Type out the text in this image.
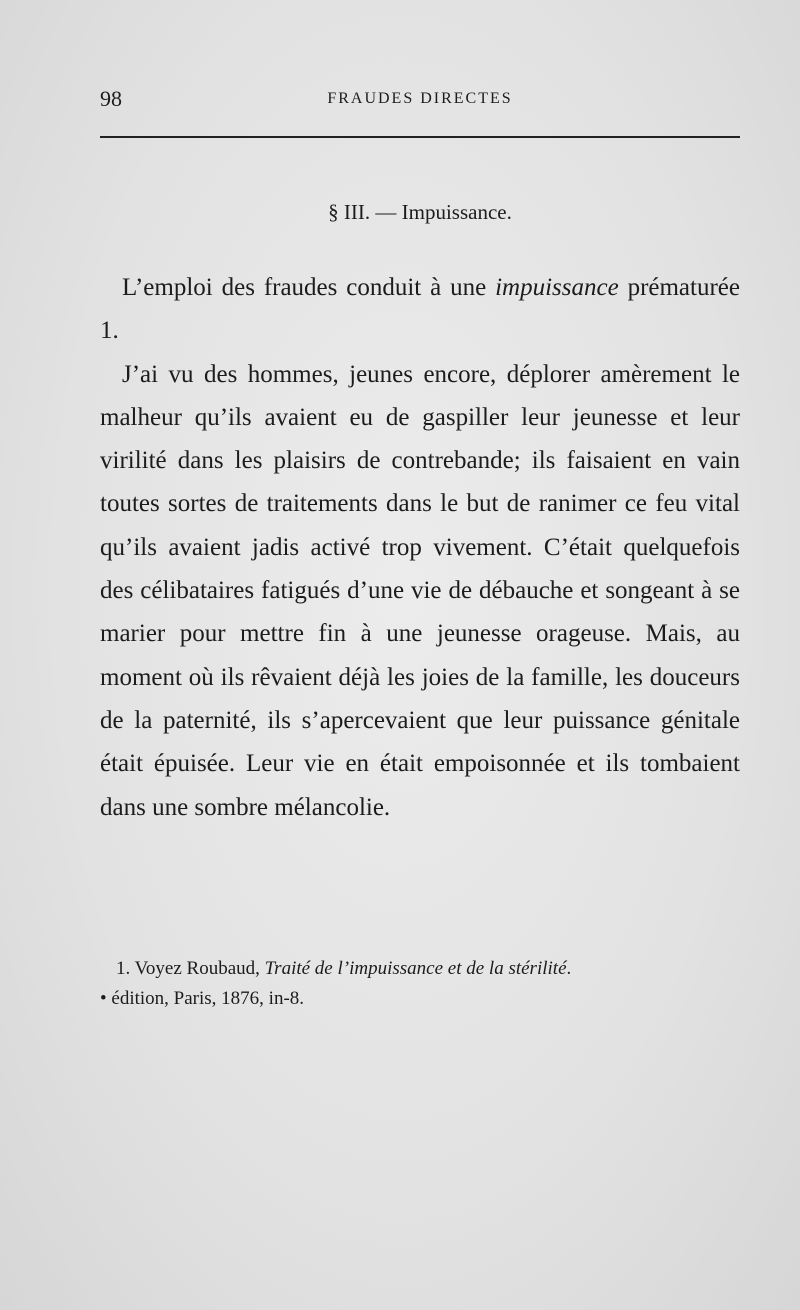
98	FRAUDES DIRECTES
§ III. — Impuissance.

L’emploi des fraudes conduit à une impuissance prématurée 1.

J’ai vu des hommes, jeunes encore, déplorer amèrement le malheur qu’ils avaient eu de gaspiller leur jeunesse et leur virilité dans les plaisirs de contrebande; ils faisaient en vain toutes sortes de traitements dans le but de ranimer ce feu vital qu’ils avaient jadis activé trop vivement. C’était quelquefois des célibataires fatigués d’une vie de débauche et songeant à se marier pour mettre fin à une jeunesse orageuse. Mais, au moment où ils rêvaient déjà les joies de la famille, les douceurs de la paternité, ils s’apercevaient que leur puissance génitale était épuisée. Leur vie en était empoisonnée et ils tombaient dans une sombre mélancolie.

1. Voyez Roubaud, Traité de l’impuissance et de la stérilité.
• édition, Paris, 1876, in-8.
